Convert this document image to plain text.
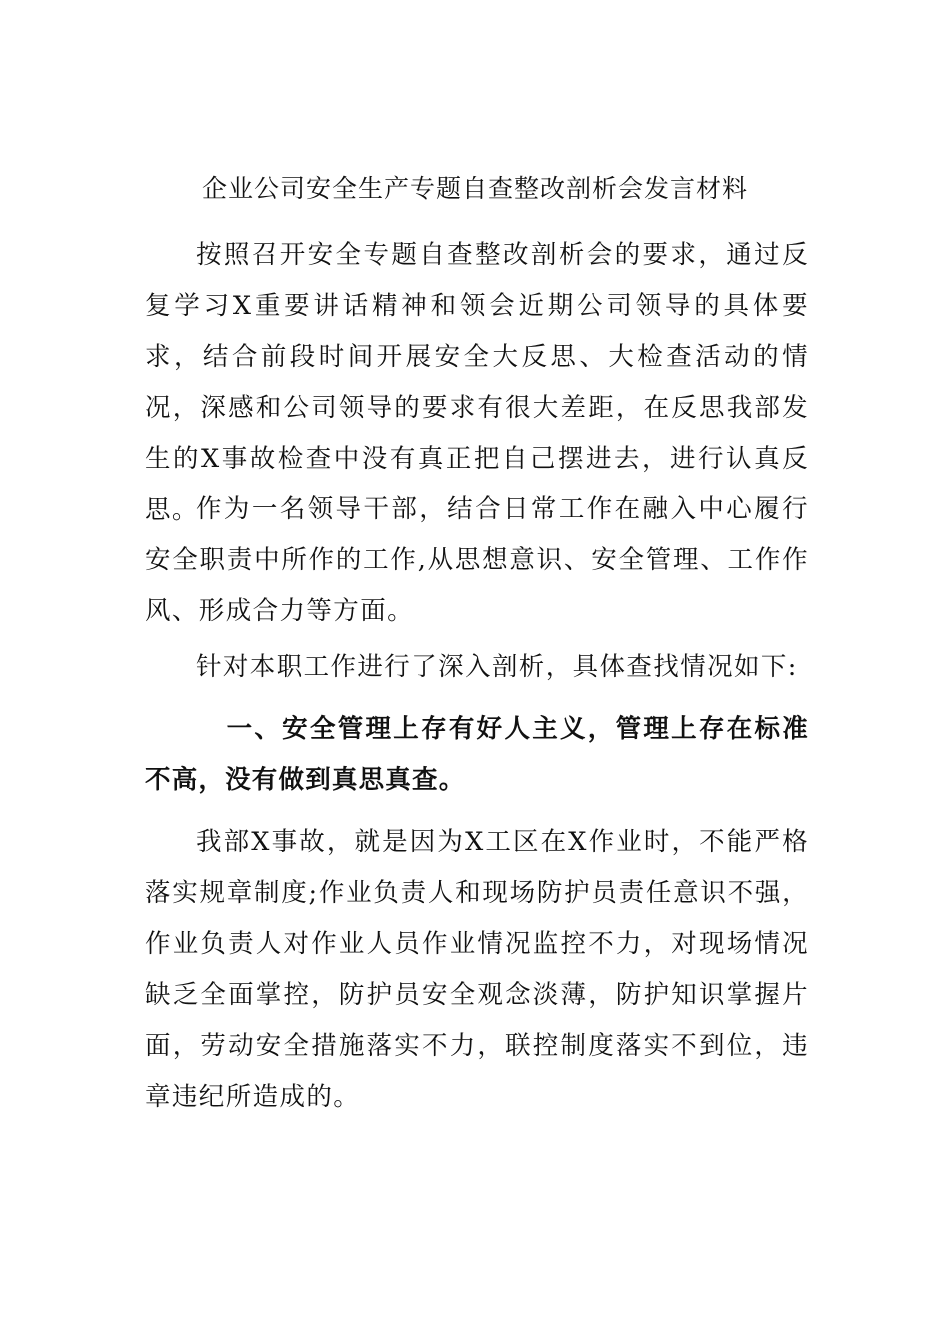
企业公司安全生产专题自查整改剖析会发言材料

按照召开安全专题自查整改剖析会的要求，通过反复学习X重要讲话精神和领会近期公司领导的具体要求，结合前段时间开展安全大反思、大检查活动的情况，深感和公司领导的要求有很大差距，在反思我部发生的X事故检查中没有真正把自己摆进去，进行认真反思。

作为一名领导干部，结合日常工作在融入中心履行安全职责中所作的工作,从思想意识、安全管理、工作作风、形成合力等方面。

针对本职工作进行了深入剖析，具体查找情况如下:

一、安全管理上存有好人主义，管理上存在标准不高，没有做到真思真查。

我部X事故，就是因为X工区在X作业时，不能严格落实规章制度;作业负责人和现场防护员责任意识不强，作业负责人对作业人员作业情况监控不力，对现场情况缺乏全面掌控，防护员安全观念淡薄，防护知识掌握片面，劳动安全措施落实不力，联控制度落实不到位，违章违纪所造成的。
